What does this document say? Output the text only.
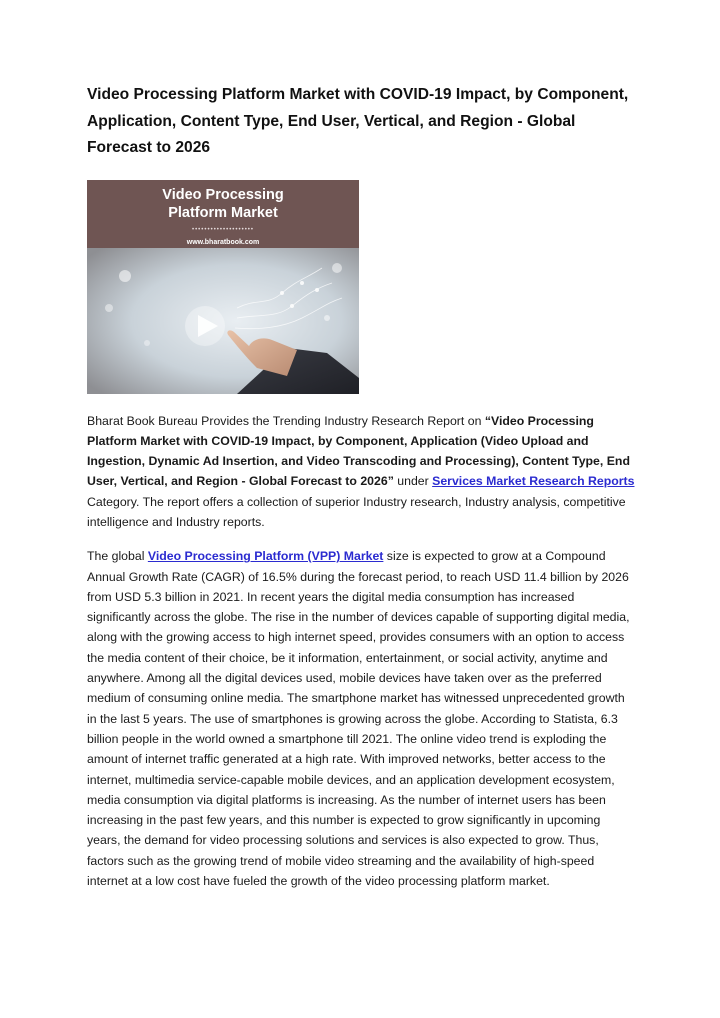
Video Processing Platform Market with COVID-19 Impact, by Component, Application, Content Type, End User, Vertical, and Region - Global Forecast to 2026
Video Processing
Platform Market
••••••••••••••••••••
www.bharatbook.com

Bharat Book Bureau Provides the Trending Industry Research Report on “Video Processing Platform Market with COVID-19 Impact, by Component, Application (Video Upload and Ingestion, Dynamic Ad Insertion, and Video Transcoding and Processing), Content Type, End User, Vertical, and Region - Global Forecast to 2026” under Services Market Research Reports Category. The report offers a collection of superior Industry research, Industry analysis, competitive intelligence and Industry reports.

The global Video Processing Platform (VPP) Market size is expected to grow at a Compound Annual Growth Rate (CAGR) of 16.5% during the forecast period, to reach USD 11.4 billion by 2026 from USD 5.3 billion in 2021. In recent years the digital media consumption has increased significantly across the globe. The rise in the number of devices capable of supporting digital media, along with the growing access to high internet speed, provides consumers with an option to access the media content of their choice, be it information, entertainment, or social activity, anytime and anywhere. Among all the digital devices used, mobile devices have taken over as the preferred medium of consuming online media. The smartphone market has witnessed unprecedented growth in the last 5 years. The use of smartphones is growing across the globe. According to Statista, 6.3 billion people in the world owned a smartphone till 2021. The online video trend is exploding the amount of internet traffic generated at a high rate. With improved networks, better access to the internet, multimedia service-capable mobile devices, and an application development ecosystem, media consumption via digital platforms is increasing. As the number of internet users has been increasing in the past few years, and this number is expected to grow significantly in upcoming years, the demand for video processing solutions and services is also expected to grow. Thus, factors such as the growing trend of mobile video streaming and the availability of high-speed internet at a low cost have fueled the growth of the video processing platform market.
